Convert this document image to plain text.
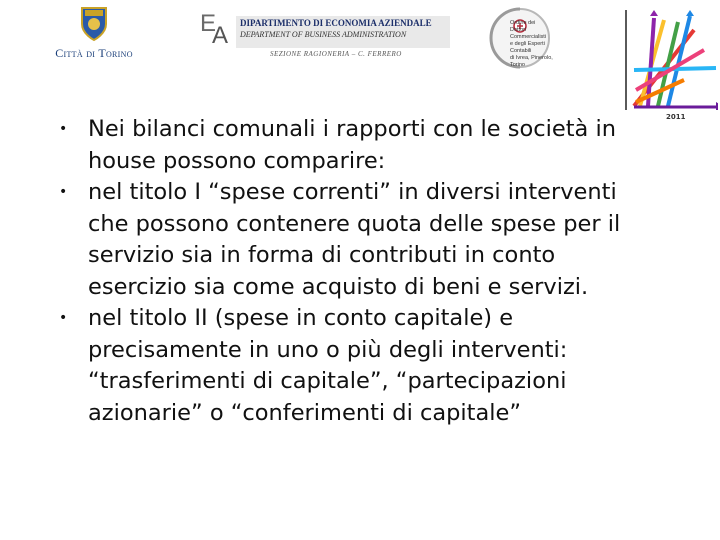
Città di Torino
E
A DIPARTIMENTO DI ECONOMIA AZIENDALE
DEPARTMENT OF BUSINESS ADMINISTRATION
SEZIONE RAGIONERIA – C. FERRERO
Ordine dei
Dottori Commercialisti
e degli Esperti Contabili
di Ivrea, Pinerolo, Torino
2011
• Nei bilanci comunali i rapporti con le società in house possono comparire:
• nel titolo I “spese correnti” in diversi interventi che possono contenere quota delle spese per il servizio sia in forma di contributi in conto esercizio sia come acquisto di beni e servizi.
• nel titolo II (spese in conto capitale) e precisamente in uno o più degli interventi: “trasferimenti di capitale”, “partecipazioni azionarie” o “conferimenti di capitale”
